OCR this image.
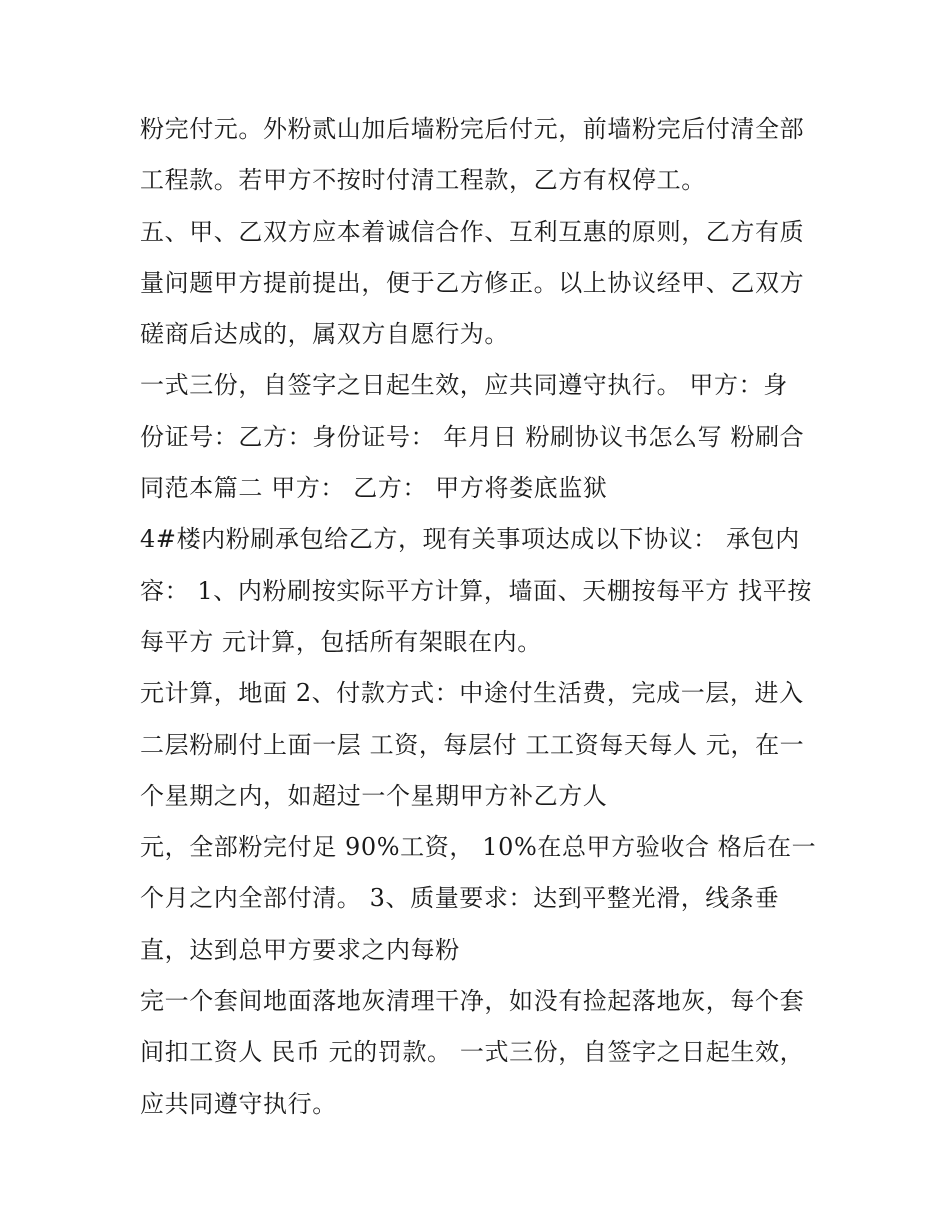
粉完付元。外粉贰山加后墙粉完后付元，前墙粉完后付清全部
工程款。若甲方不按时付清工程款，乙方有权停工。
五、甲、乙双方应本着诚信合作、互利互惠的原则，乙方有质
量问题甲方提前提出，便于乙方修正。以上协议经甲、乙双方
磋商后达成的，属双方自愿行为。
一式三份，自签字之日起生效，应共同遵守执行。 甲方：身
份证号：乙方：身份证号： 年月日 粉刷协议书怎么写 粉刷合
同范本篇二 甲方： 乙方： 甲方将娄底监狱
4#楼内粉刷承包给乙方，现有关事项达成以下协议： 承包内
容： 1、内粉刷按实际平方计算，墙面、天棚按每平方 找平按
每平方 元计算，包括所有架眼在内。
元计算，地面 2、付款方式：中途付生活费，完成一层，进入
二层粉刷付上面一层 工资，每层付 工工资每天每人 元，在一
个星期之内，如超过一个星期甲方补乙方人
元，全部粉完付足 90%工资， 10%在总甲方验收合 格后在一
个月之内全部付清。 3、质量要求：达到平整光滑，线条垂
直，达到总甲方要求之内每粉
完一个套间地面落地灰清理干净，如没有捡起落地灰，每个套
间扣工资人 民币 元的罚款。 一式三份，自签字之日起生效，
应共同遵守执行。
